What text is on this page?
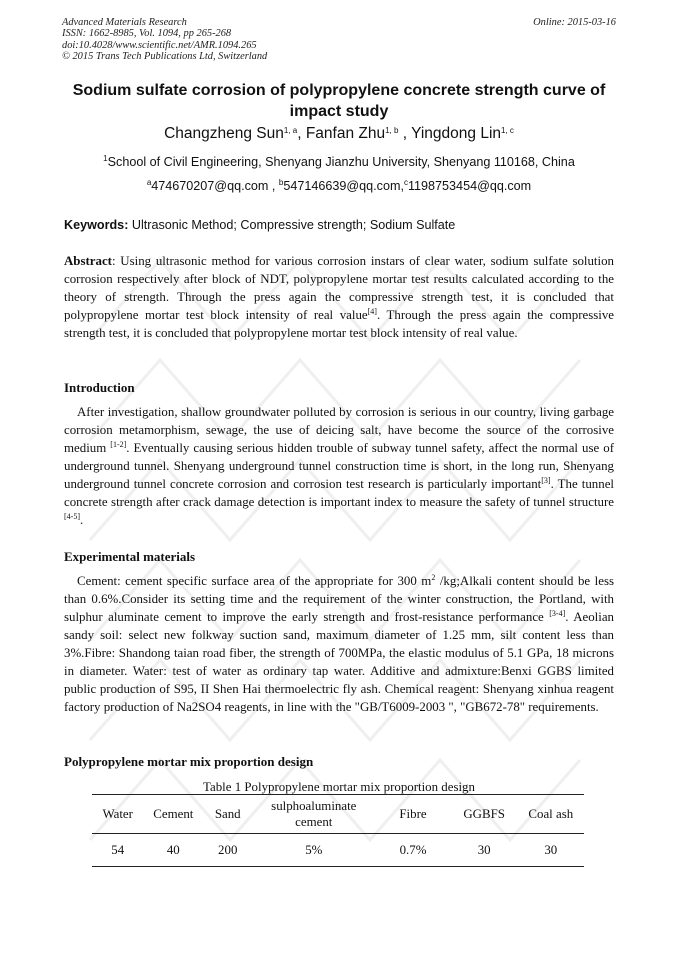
Advanced Materials Research
ISSN: 1662-8985, Vol. 1094, pp 265-268
doi:10.4028/www.scientific.net/AMR.1094.265
© 2015 Trans Tech Publications Ltd, Switzerland
Online: 2015-03-16
Sodium sulfate corrosion of polypropylene concrete strength curve of
impact study
Changzheng Sun$^{1, a}$, Fanfan Zhu$^{1, b}$ , Yingdong Lin$^{1, c}$
$^1$School of Civil Engineering, Shenyang Jianzhu University, Shenyang 110168, China
$^a$474670207@qq.com , $^b$547146639@qq.com,$^c$1198753454@qq.com
Keywords: Ultrasonic Method; Compressive strength; Sodium Sulfate
Abstract: Using ultrasonic method for various corrosion instars of clear water, sodium sulfate solution corrosion respectively after block of NDT, polypropylene mortar test results calculated according to the theory of strength. Through the press again the compressive strength test, it is concluded that polypropylene mortar test block intensity of real value[4]. Through the press again the compressive strength test, it is concluded that polypropylene mortar test block intensity of real value.
Introduction
After investigation, shallow groundwater polluted by corrosion is serious in our country, living garbage corrosion metamorphism, sewage, the use of deicing salt, have become the source of the corrosive medium [1-2]. Eventually causing serious hidden trouble of subway tunnel safety, affect the normal use of underground tunnel. Shenyang underground tunnel construction time is short, in the long run, Shenyang underground tunnel concrete corrosion and corrosion test research is particularly important[3]. The tunnel concrete strength after crack damage detection is important index to measure the safety of tunnel structure [4-5].
Experimental materials
Cement: cement specific surface area of the appropriate for 300 $m^2$ /kg;Alkali content should be less than 0.6%.Consider its setting time and the requirement of the winter construction, the Portland, with sulphur aluminate cement to improve the early strength and frost-resistance performance [3-4]. Aeolian sandy soil: select new folkway suction sand, maximum diameter of 1.25 mm, silt content less than 3%.Fibre: Shandong taian road fiber, the strength of 700MPa, the elastic modulus of 5.1 GPa, 18 microns in diameter. Water: test of water as ordinary tap water. Additive and admixture:Benxi GGBS limited public production of S95, II Shen Hai thermoelectric fly ash. Chemical reagent: Shenyang xinhua reagent factory production of Na2SO4 reagents, in line with the "GB/T6009-2003 ", "GB672-78" requirements.
Polypropylene mortar mix proportion design
Table 1 Polypropylene mortar mix proportion design
Water	Cement	Sand	sulphoaluminate cement	Fibre	GGBFS	Coal ash
54	40	200	5%	0.7%	30	30
